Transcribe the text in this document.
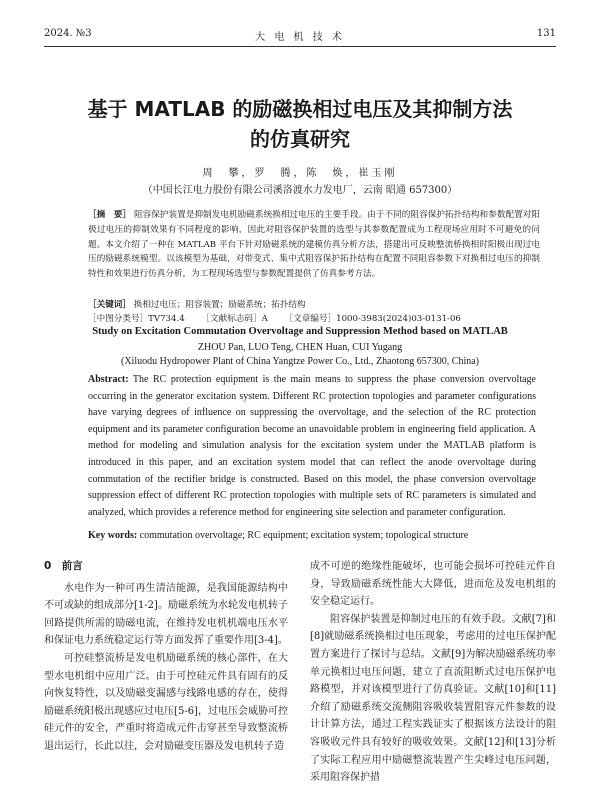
2024. №3	大 电 机 技 术	131
基于 MATLAB 的励磁换相过电压及其抑制方法
的仿真研究
周　攀，罗　腾，陈　焕，崔玉刚
（中国长江电力股份有限公司溪洛渡水力发电厂，云南 昭通 657300）
［摘　要］ 阻容保护装置是抑制发电机励磁系统换相过电压的主要手段。由于不同的阻容保护拓扑结构和参数配置对阳极过电压的抑制效果有不同程度的影响，因此对阻容保护装置的选型与其参数配置成为工程现场应用时不可避免的问题。本文介绍了一种在 MATLAB 平台下针对励磁系统的建模仿真分析方法，搭建出可反映整流桥换相时阳极出现过电压的励磁系统模型。以该模型为基础，对带变式、集中式阻容保护拓扑结构在配置不同阻容参数下对换相过电压的抑制特性和效果进行仿真分析，为工程现场选型与参数配置提供了仿真参考方法。
［关键词］ 换相过电压；阻容装置；励磁系统；拓扑结构
［中图分类号］TV734.4 ［文献标志码］A ［文章编号］1000-3983(2024)03-0131-06
Study on Excitation Commutation Overvoltage and Suppression Method based on MATLAB
ZHOU Pan, LUO Teng, CHEN Huan, CUI Yugang
(Xiluodu Hydropower Plant of China Yangtze Power Co., Ltd., Zhaotong 657300, China)
Abstract: The RC protection equipment is the main means to suppress the phase conversion overvoltage occurring in the generator excitation system. Different RC protection topologies and parameter configurations have varying degrees of influence on suppressing the overvoltage, and the selection of the RC protection equipment and its parameter configuration become an unavoidable problem in engineering field application. A method for modeling and simulation analysis for the excitation system under the MATLAB platform is introduced in this paper, and an excitation system model that can reflect the anode overvoltage during commutation of the rectifier bridge is constructed. Based on this model, the phase conversion overvoltage suppression effect of different RC protection topologies with multiple sets of RC parameters is simulated and analyzed, which provides a reference method for engineering site selection and parameter configuration.
Key words: commutation overvoltage; RC equipment; excitation system; topological structure
0　前言

水电作为一种可再生清洁能源，是我国能源结构中不可或缺的组成部分[1-2]。励磁系统为水轮发电机转子回路提供所需的励磁电流，在维持发电机机端电压水平和保证电力系统稳定运行等方面发挥了重要作用[3-4]。

可控硅整流桥是发电机励磁系统的核心部件，在大型水电机组中应用广泛。由于可控硅元件具有固有的反向恢复特性，以及励磁变漏感与线路电感的存在，使得励磁系统阳极出现感应过电压[5-6]，过电压会威胁可控硅元件的安全，严重时将造成元件击穿甚至导致整流桥退出运行，长此以往，会对励磁变压器及发电机转子造

成不可逆的绝缘性能破坏，也可能会损坏可控硅元件自身，导致励磁系统性能大大降低，进而危及发电机组的安全稳定运行。

阻容保护装置是抑制过电压的有效手段。文献[7]和[8]就励磁系统换相过电压现象，考虑用的过电压保护配置方案进行了探讨与总结。文献[9]为解决励磁系统功率单元换相过电压问题，建立了直流阻断式过电压保护电路模型，并对该模型进行了仿真验证。文献[10]和[11]介绍了励磁系统交流侧阻容吸收装置阻容元件参数的设计计算方法，通过工程实践证实了根据该方法设计的阻容吸收元件具有较好的吸收效果。文献[12]和[13]分析了实际工程应用中励磁整流装置产生尖峰过电压问题，采用阻容保护措
